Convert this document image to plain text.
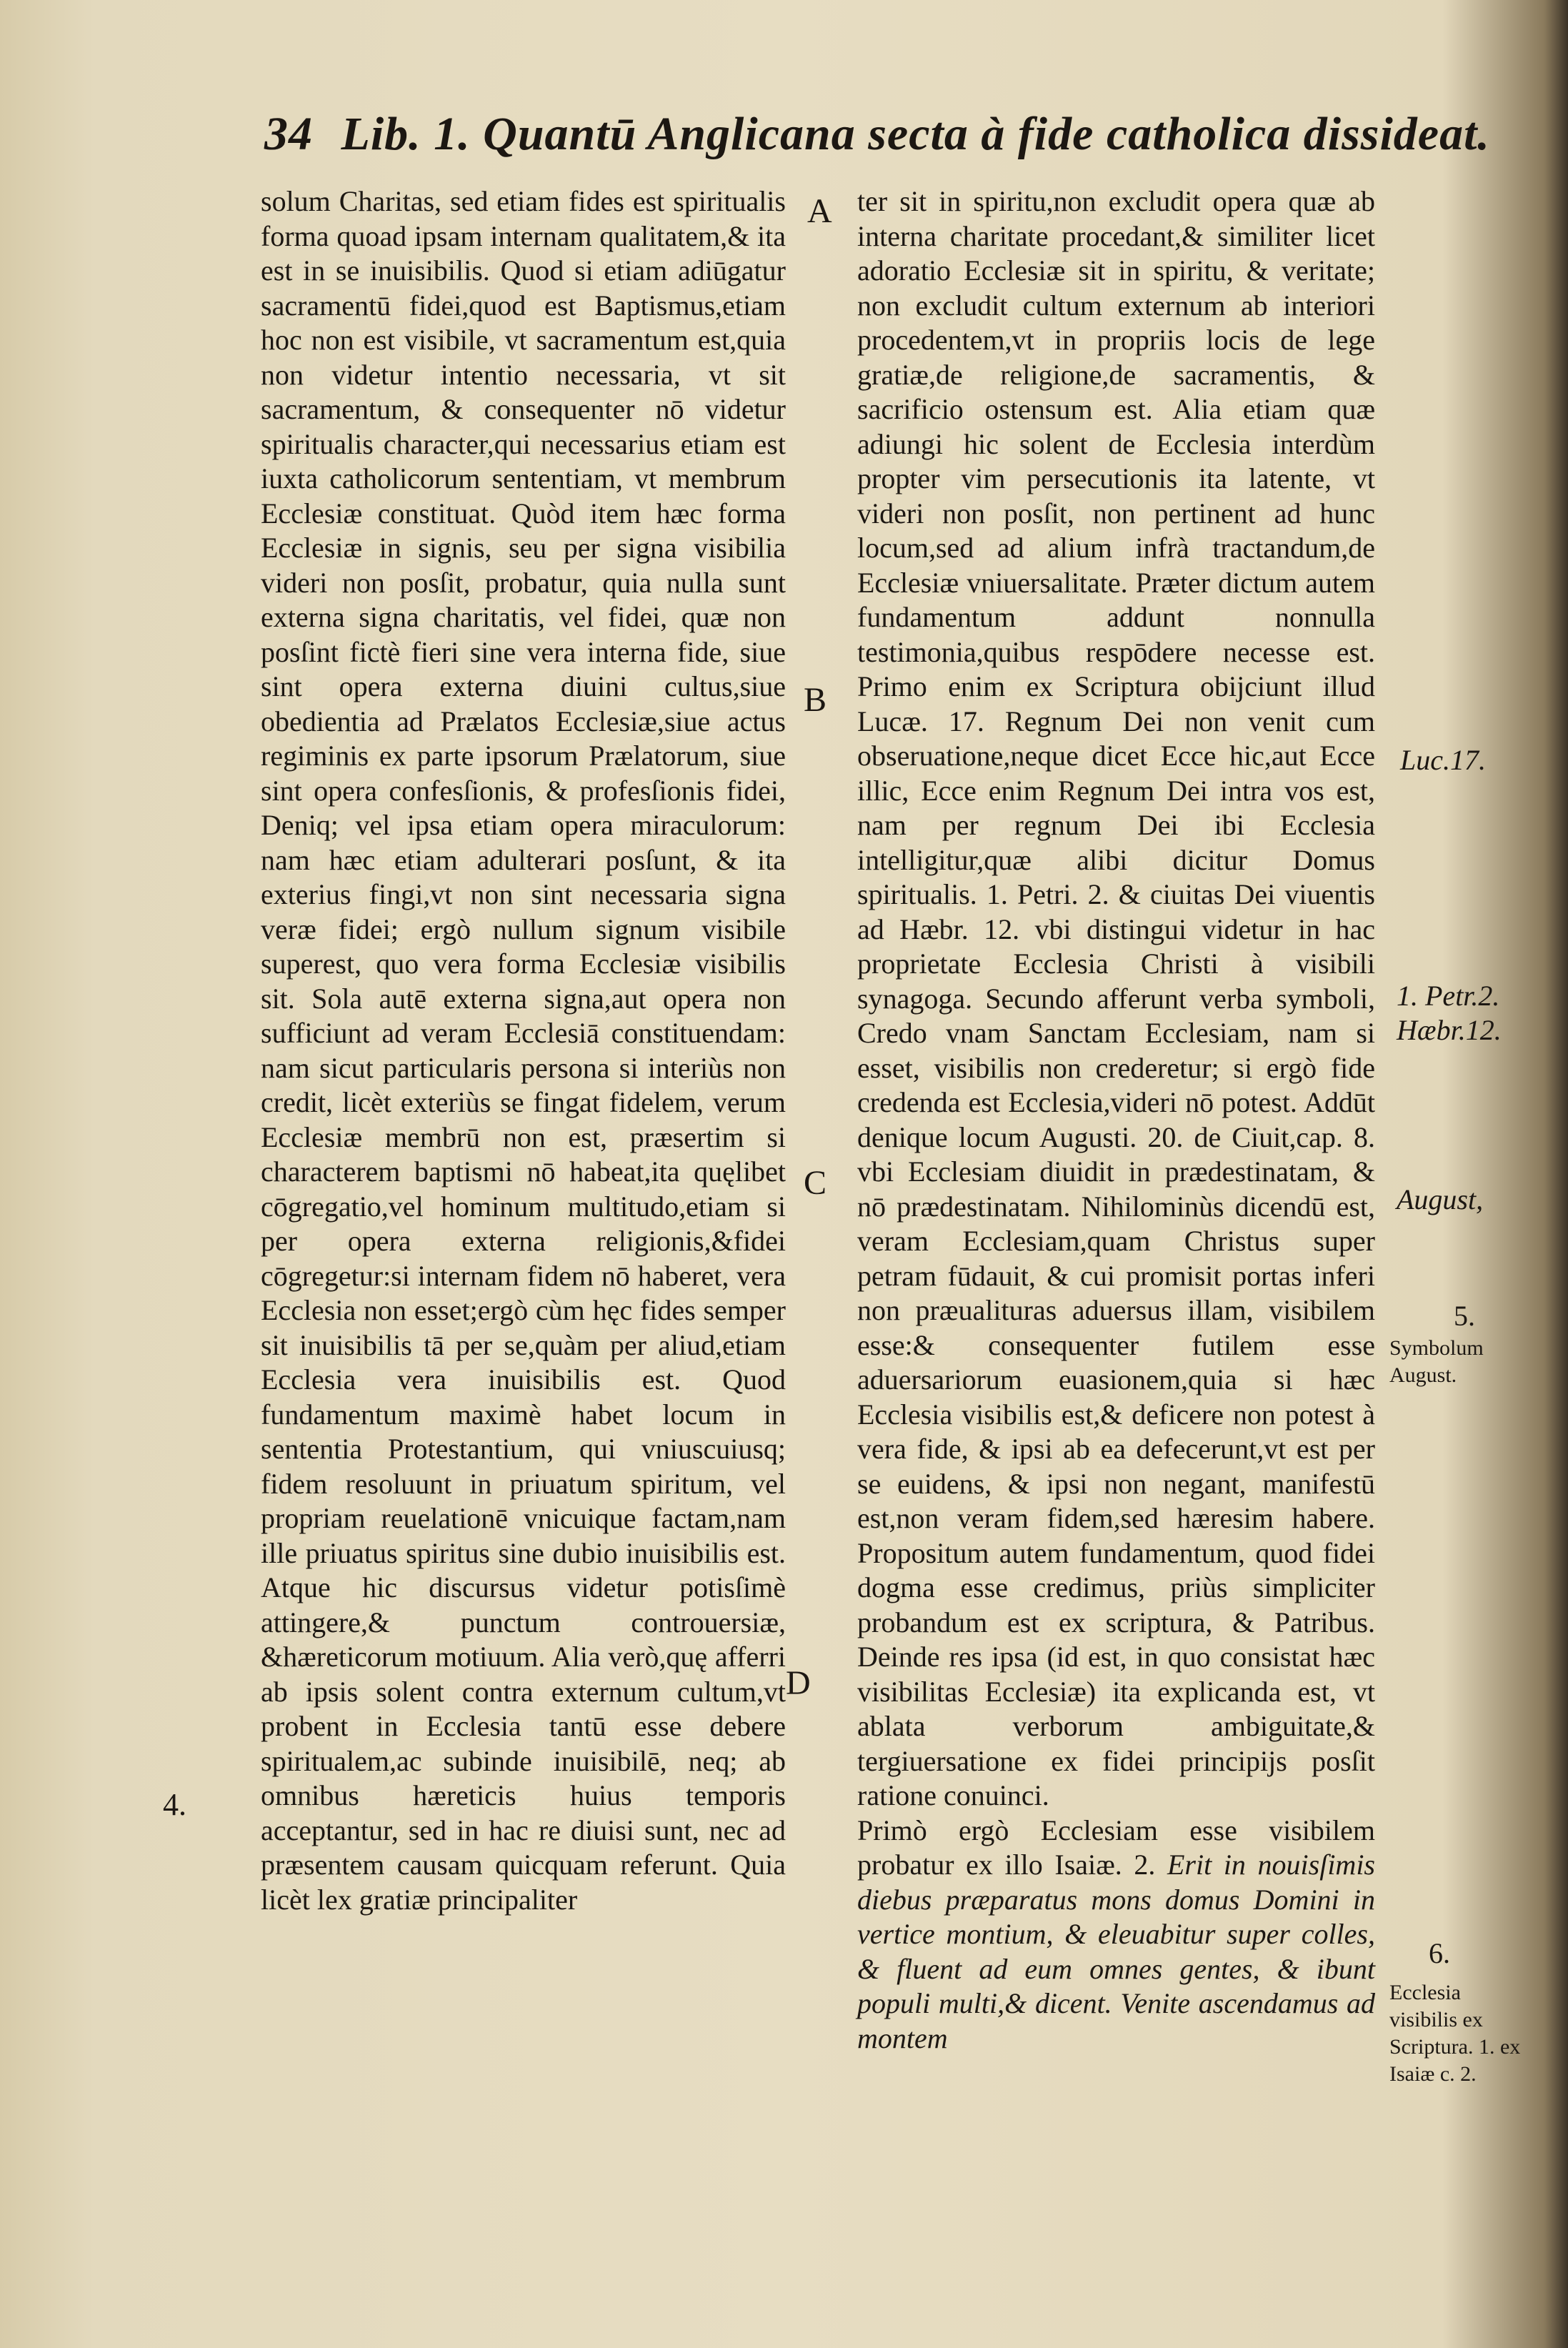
34 Lib. 1. Quantū Anglicana secta à fide catholica dissideat.

solum Charitas, sed etiam fides est spiritualis forma quoad ipsam internam qualitatem,& ita est in se inuisibilis. Quod si etiam adiūgatur sacramentū fidei,quod est Baptismus,etiam hoc non est visibile, vt sacramentum est,quia non videtur intentio necessaria, vt sit sacramentum, & consequenter nō videtur spiritualis character,qui necessarius etiam est iuxta catholicorum sententiam, vt membrum Ecclesiæ constituat. Quòd item hæc forma Ecclesiæ in signis, seu per signa visibilia videri non posſit, probatur, quia nulla sunt externa signa charitatis, vel fidei, quæ non posſint fictè fieri sine vera interna fide, siue sint opera externa diuini cultus,siue obedientia ad Prælatos Ecclesiæ,siue actus regiminis ex parte ipsorum Prælatorum, siue sint opera confesſionis, & profesſionis fidei, Deniq; vel ipsa etiam opera miraculorum: nam hæc etiam adulterari posſunt, & ita exterius fingi,vt non sint necessaria signa veræ fidei; ergò nullum signum visibile superest, quo vera forma Ecclesiæ visibilis sit. Sola autē externa signa,aut opera non sufficiunt ad veram Ecclesiā constituendam: nam sicut particularis persona si interiùs non credit, licèt exteriùs se fingat fidelem, verum Ecclesiæ membrū non est, præsertim si characterem baptismi nō habeat,ita quęlibet cōgregatio,vel hominum multitudo,etiam si per opera externa religionis,&fidei cōgregetur:si internam fidem nō haberet, vera Ecclesia non esset;ergò cùm hęc fides semper sit inuisibilis tā per se,quàm per aliud,etiam Ecclesia vera inuisibilis est. Quod fundamentum maximè habet locum in sententia Protestantium, qui vniuscuiusq; fidem resoluunt in priuatum spiritum, vel propriam reuelationē vnicuique factam,nam ille priuatus spiritus sine dubio inuisibilis est. Atque hic discursus videtur potisſimè attingere,& punctum controuersiæ, &hæreticorum motiuum. Alia verò,quę afferri ab ipsis solent contra externum cultum,vt probent in Ecclesia tantū esse debere spiritualem,ac subinde inuisibilē, neq; ab omnibus hæreticis huius temporis acceptantur, sed in hac re diuisi sunt, nec ad præsentem causam quicquam referunt. Quia licèt lex gratiæ principaliter

ter sit in spiritu,non excludit opera quæ ab interna charitate procedant,& similiter licet adoratio Ecclesiæ sit in spiritu, & veritate; non excludit cultum externum ab interiori procedentem,vt in propriis locis de lege gratiæ,de religione,de sacramentis, & sacrificio ostensum est. Alia etiam quæ adiungi hic solent de Ecclesia interdùm propter vim persecutionis ita latente, vt videri non posſit, non pertinent ad hunc locum,sed ad alium infrà tractandum,de Ecclesiæ vniuersalitate. Præter dictum autem fundamentum addunt nonnulla testimonia,quibus respōdere necesse est. Primo enim ex Scriptura obijciunt illud Lucæ. 17. Regnum Dei non venit cum obseruatione,neque dicet Ecce hic,aut Ecce illic, Ecce enim Regnum Dei intra vos est, nam per regnum Dei ibi Ecclesia intelligitur,quæ alibi dicitur Domus spiritualis. 1. Petri. 2. & ciuitas Dei viuentis ad Hæbr. 12. vbi distingui videtur in hac proprietate Ecclesia Christi à visibili synagoga. Secundo afferunt verba symboli, Credo vnam Sanctam Ecclesiam, nam si esset, visibilis non crederetur; si ergò fide credenda est Ecclesia,videri nō potest. Addūt denique locum Augusti. 20. de Ciuit,cap. 8. vbi Ecclesiam diuidit in prædestinatam, & nō prædestinatam. Nihilominùs dicendū est, veram Ecclesiam,quam Christus super petram fūdauit, & cui promisit portas inferi non præualituras aduersus illam, visibilem esse:& consequenter futilem esse aduersariorum euasionem,quia si hæc Ecclesia visibilis est,& deficere non potest à vera fide, & ipsi ab ea defecerunt,vt est per se euidens, & ipsi non negant, manifestū est,non veram fidem,sed hæresim habere. Propositum autem fundamentum, quod fidei dogma esse credimus, priùs simpliciter probandum est ex scriptura, & Patribus. Deinde res ipsa (id est, in quo consistat hæc visibilitas Ecclesiæ) ita explicanda est, vt ablata verborum ambiguitate,& tergiuersatione ex fidei principijs posſit ratione conuinci.

Primò ergò Ecclesiam esse visibilem probatur ex illo Isaiæ. 2. Erit in nouisſimis diebus præparatus mons domus Domini in vertice montium, & eleuabitur super colles, & fluent ad eum omnes gentes, & ibunt populi multi,& dicent. Venite ascendamus ad montem

A
B
C
D
4.
Luc.17.
1. Petr.2.
Hæbr.12.
August,
5.
Symbolum August.
6.
Ecclesia visibilis ex Scriptura. 1. ex Isaiæ c. 2.
